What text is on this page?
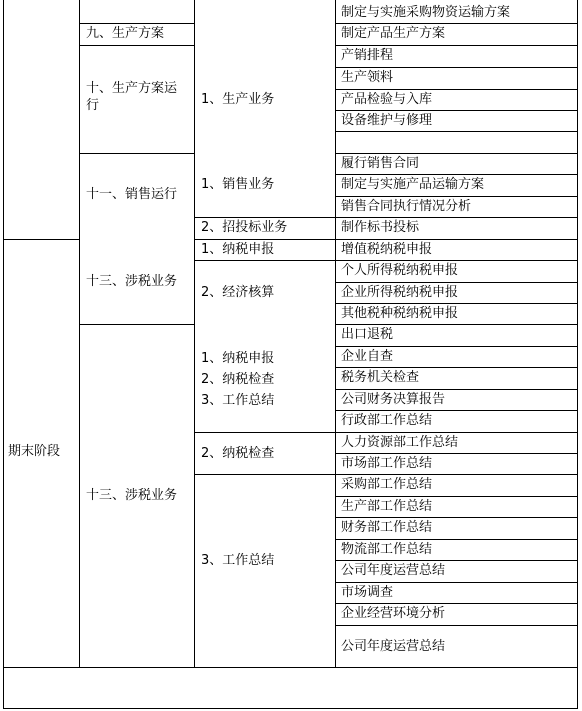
期末阶段
九、生产方案
十、生产方案运
行
十一、销售运行
十三、涉税业务
十三、涉税业务
1、生产业务
1、销售业务
2、招投标业务
1、纳税申报
2、经济核算
1、纳税申报
2、纳税检查
3、工作总结
2、纳税检查
3、工作总结
制定与实施采购物资运输方案
制定产品生产方案
产销排程
生产领料
产品检验与入库
设备维护与修理
履行销售合同
制定与实施产品运输方案
销售合同执行情况分析
制作标书投标
增值税纳税申报
个人所得税纳税申报
企业所得税纳税申报
其他税种税纳税申报
出口退税
企业自查
税务机关检查
公司财务决算报告
行政部工作总结
人力资源部工作总结
市场部工作总结
采购部工作总结
生产部工作总结
财务部工作总结
物流部工作总结
公司年度运营总结
市场调查
企业经营环境分析
公司年度运营总结
